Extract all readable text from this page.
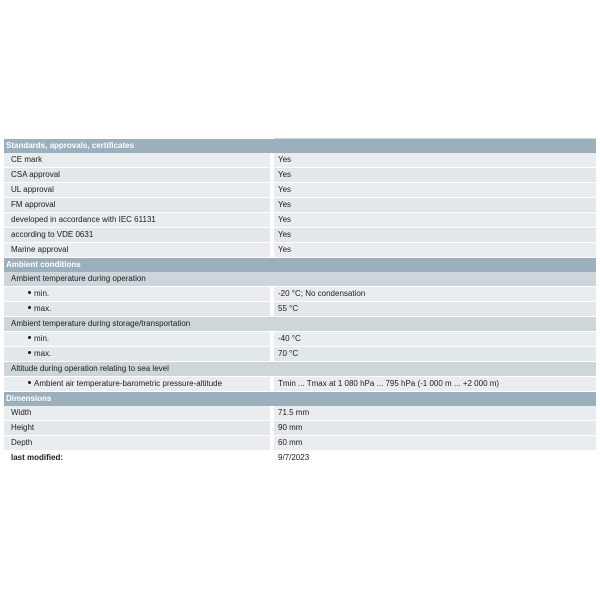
Standards, approvals, certificates
CE mark	Yes
CSA approval	Yes
UL approval	Yes
FM approval	Yes
developed in accordance with IEC 61131	Yes
according to VDE 0631	Yes
Marine approval	Yes
Ambient conditions
Ambient temperature during operation
min.	-20 °C; No condensation
max.	55 °C
Ambient temperature during storage/transportation
min.	-40 °C
max.	70 °C
Altitude during operation relating to sea level
Ambient air temperature-barometric pressure-altitude	Tmin ... Tmax at 1 080 hPa ... 795 hPa (-1 000 m ... +2 000 m)
Dimensions
Width	71.5 mm
Height	90 mm
Depth	60 mm
last modified:	9/7/2023
